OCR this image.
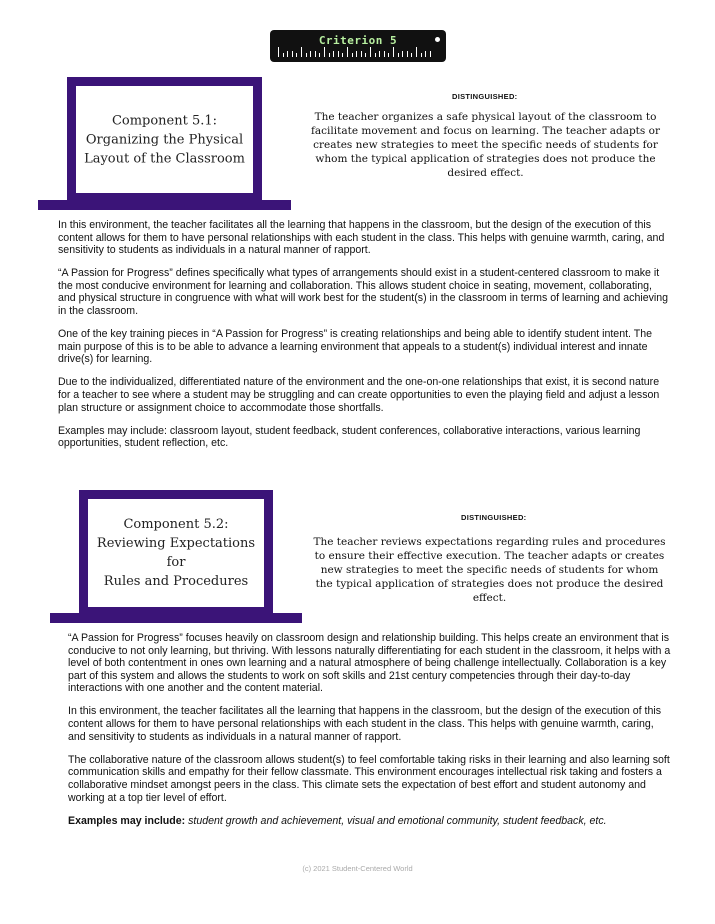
Criterion 5
Component 5.1:
Organizing the Physical
Layout of the Classroom
DISTINGUISHED:
The teacher organizes a safe physical layout of the classroom to facilitate movement and focus on learning. The teacher adapts or creates new strategies to meet the specific needs of students for whom the typical application of strategies does not produce the desired effect.

In this environment, the teacher facilitates all the learning that happens in the classroom, but the design of the execution of this content allows for them to have personal relationships with each student in the class. This helps with genuine warmth, caring, and sensitivity to students as individuals in a natural manner of rapport.

“A Passion for Progress” defines specifically what types of arrangements should exist in a student-centered classroom to make it the most conducive environment for learning and collaboration. This allows student choice in seating, movement, collaborating, and physical structure in congruence with what will work best for the student(s) in the classroom in terms of learning and achieving in the classroom.

One of the key training pieces in “A Passion for Progress” is creating relationships and being able to identify student intent. The main purpose of this is to be able to advance a learning environment that appeals to a student(s) individual interest and innate drive(s) for learning.

Due to the individualized, differentiated nature of the environment and the one-on-one relationships that exist, it is second nature for a teacher to see where a student may be struggling and can create opportunities to even the playing field and adjust a lesson plan structure or assignment choice to accommodate those shortfalls.

Examples may include: classroom layout, student feedback, student conferences, collaborative interactions, various learning opportunities, student reflection, etc.

Component 5.2:
Reviewing Expectations for
Rules and Procedures
DISTINGUISHED:
The teacher reviews expectations regarding rules and procedures to ensure their effective execution. The teacher adapts or creates new strategies to meet the specific needs of students for whom the typical application of strategies does not produce the desired effect.

“A Passion for Progress” focuses heavily on classroom design and relationship building. This helps create an environment that is conducive to not only learning, but thriving. With lessons naturally differentiating for each student in the classroom, it helps with a level of both contentment in ones own learning and a natural atmosphere of being challenge intellectually. Collaboration is a key part of this system and allows the students to work on soft skills and 21st century competencies through their day-to-day interactions with one another and the content material.

In this environment, the teacher facilitates all the learning that happens in the classroom, but the design of the execution of this content allows for them to have personal relationships with each student in the class. This helps with genuine warmth, caring, and sensitivity to students as individuals in a natural manner of rapport.

The collaborative nature of the classroom allows student(s) to feel comfortable taking risks in their learning and also learning soft communication skills and empathy for their fellow classmate. This environment encourages intellectual risk taking and fosters a collaborative mindset amongst peers in the class. This climate sets the expectation of best effort and student autonomy and working at a top tier level of effort.

Examples may include: student growth and achievement, visual and emotional community, student feedback, etc.

(c) 2021 Student-Centered World
